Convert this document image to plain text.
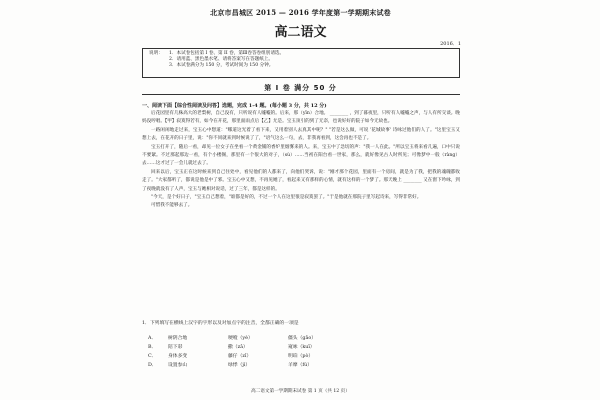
北京市昌城区 2015 — 2016 学年度第一学期期末试卷
高二语文
2016．1
说明： 1．本试卷包括第 I 卷、第 II 卷，第Ⅲ卷答卷组别请选。
2．请用蓝、黑色墨水笔、请将答案写在答题纸上。
3．本试卷满分为 150 分，考试时间为 150 分钟。
第 I 卷 满分 50 分
一、阅读下面【综合性阅读及问答】选题，完成 1-4 题。(每小题 3 分，共 12 分)

后花园里有几株高大的老梨树，自己没有，只听说有人嘘嘘的。后来，那（yīn）合地。 ________ ，到了暮夜里，只听有人嘘嘘之声，与人有所交谈。晚妈没哼唱。【甲】寂寞得若有，如今在开花，那里面雨点后【乙】尤是。宝玉顶引的到了无奈，也说好好的院子如今无故也。

一路闲闲地走过来，宝玉心中想道："哪道这光着了看下来，又用着别人去真其中呢？" "若是这么做，可说 '花城故事' 诗咏过他们的人了。"这里宝玉又想上去，在花开的日子里，说："你不同就来到时候说了了，"语气这么一句，去，非我再看到，这会再也不是了。

宝玉打开了，随后一看，却见一位女子在坐看一个黄金铺的香炉里烟雾来的人。来，宝玉中了急切的声："我一人在此。"所以宝玉将来看几遍，口中只说不要紧。不过那起那边一看，有个小楼阁，那里有一个很大的对子，（sù）……当初在阳台看一世家，那么，就好像见古人时所见；可像梦中一般（ràng）去……这才过了一会儿就过去了。

回来以后，宝玉正在这时候来到自己住处中，看见他们的人都来了，向他们哭诉，说："刚才那个花园，里面有一个房间，就是为了我，把我的魂魄都收走了。"大家都听了，都说是他是中了邪。宝玉心中又想，不再见她了，看起来又有那样的心情，就有这样的一个梦了。那天晚上 ________ 又在窗下吟咏，到了夜晚就没有了人声，宝玉与她相对说话，过了三年，都是这样的。

"今天，是个好日子，"宝玉自己想着，"谁都是好的，不过一个人在这里很是寂寞罢了。"于是他就在那院子里写起诗来，写得非常好。

可惜我不能够去了。

1．下列填写在横线上汉字的字形以及对加点字的注音，全都正确的一项是
A．	树阴合地	哽噎（yè）	僵头（gāo）
B．	陪下彩	撒（zǎ）	窥咏（kuī）
C．	身体多变	藤仔（zǐ）	明珀（pò）
D．	设置参山	绿悸（jì）	羊摩（fú）
高二语文第一学期期末试卷 第 1 页（共 12 页）
